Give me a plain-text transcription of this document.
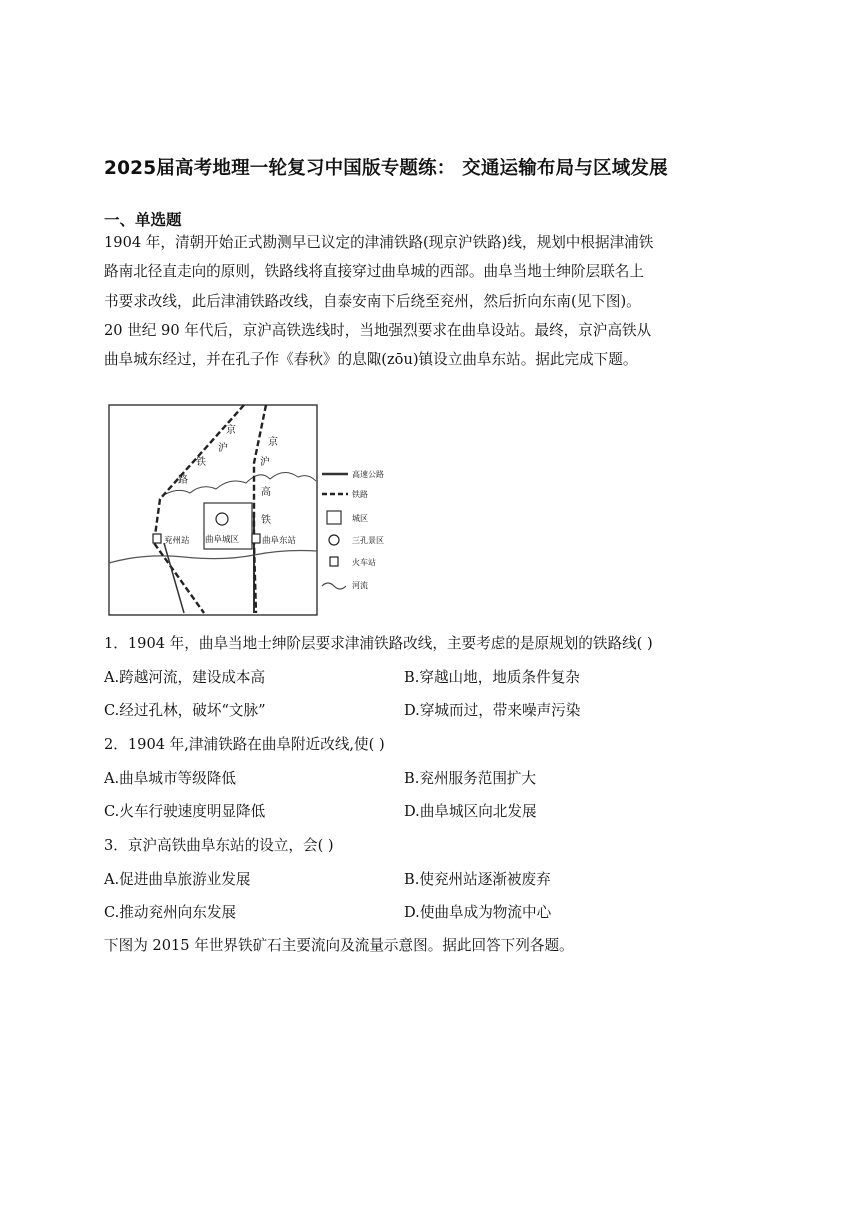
2025届高考地理一轮复习中国版专题练： 交通运输布局与区域发展
一、单选题
1904 年，清朝开始正式勘测早已议定的津浦铁路(现京沪铁路)线，规划中根据津浦铁
路南北径直走向的原则，铁路线将直接穿过曲阜城的西部。曲阜当地士绅阶层联名上
书要求改线，此后津浦铁路改线，自泰安南下后绕至兖州，然后折向东南(见下图)。
20 世纪 90 年代后，京沪高铁选线时，当地强烈要求在曲阜设站。最终，京沪高铁从
曲阜城东经过，并在孔子作《春秋》的息陬(zōu)镇设立曲阜东站。据此完成下题。
京
沪
铁
路
京
沪
高
铁
兖州站 曲阜城区	曲阜东站
高速公路
铁路
城区
三孔景区
火车站
河流
1．1904 年，曲阜当地士绅阶层要求津浦铁路改线，主要考虑的是原规划的铁路线( )
A.跨越河流，建设成本高	B.穿越山地，地质条件复杂
C.经过孔林，破坏“文脉”	D.穿城而过，带来噪声污染
2．1904 年,津浦铁路在曲阜附近改线,使( )
A.曲阜城市等级降低	B.兖州服务范围扩大
C.火车行驶速度明显降低	D.曲阜城区向北发展
3．京沪高铁曲阜东站的设立，会( )
A.促进曲阜旅游业发展	B.使兖州站逐渐被废弃
C.推动兖州向东发展	D.使曲阜成为物流中心
下图为 2015 年世界铁矿石主要流向及流量示意图。据此回答下列各题。
